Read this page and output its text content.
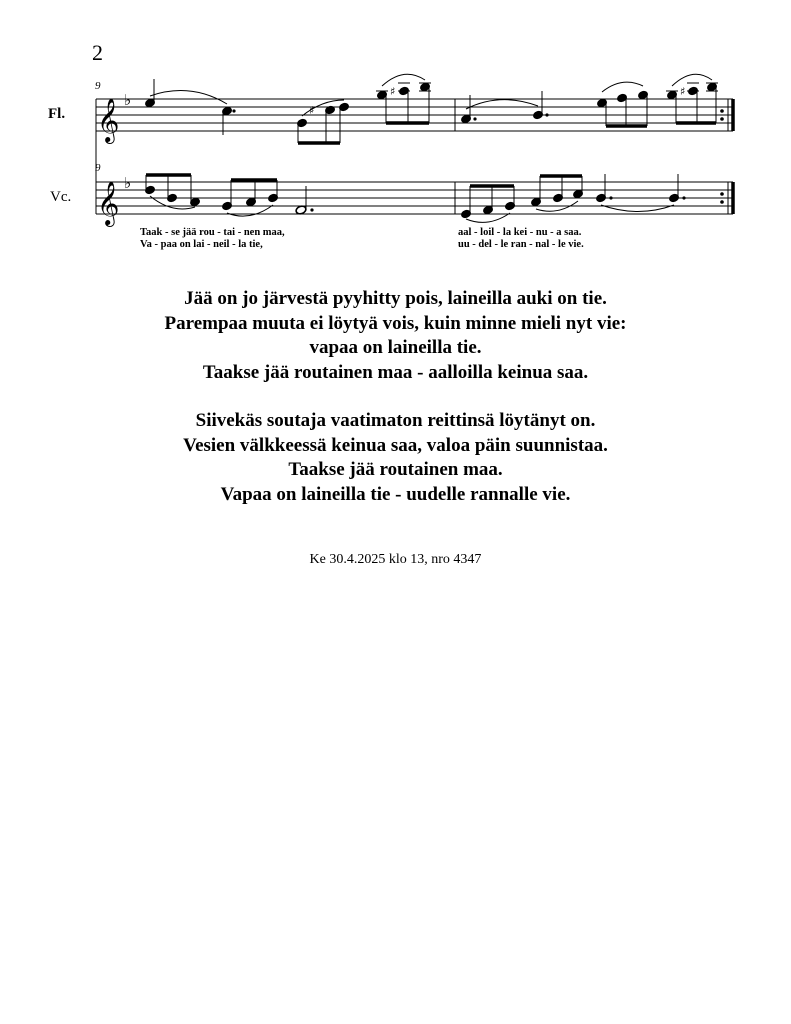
2
9
9
Fl.
Vc.
𝄞
𝄞
♭
♭
♯
♯	♯
Taak - se jää rou - tai - nen maa,
Va - paa on lai - neil - la tie,
aal - loil - la kei - nu - a saa.
uu - del - le ran - nal - le vie.
Jää on jo järvestä pyyhitty pois, laineilla auki on tie.
Parempaa muuta ei löytyä vois, kuin minne mieli nyt vie:
vapaa on laineilla tie.
Taakse jää routainen maa - aalloilla keinua saa.
Siivekäs soutaja vaatimaton reittinsä löytänyt on.
Vesien välkkeessä keinua saa, valoa päin suunnistaa.
Taakse jää routainen maa.
Vapaa on laineilla tie - uudelle rannalle vie.
Ke 30.4.2025 klo 13, nro 4347
